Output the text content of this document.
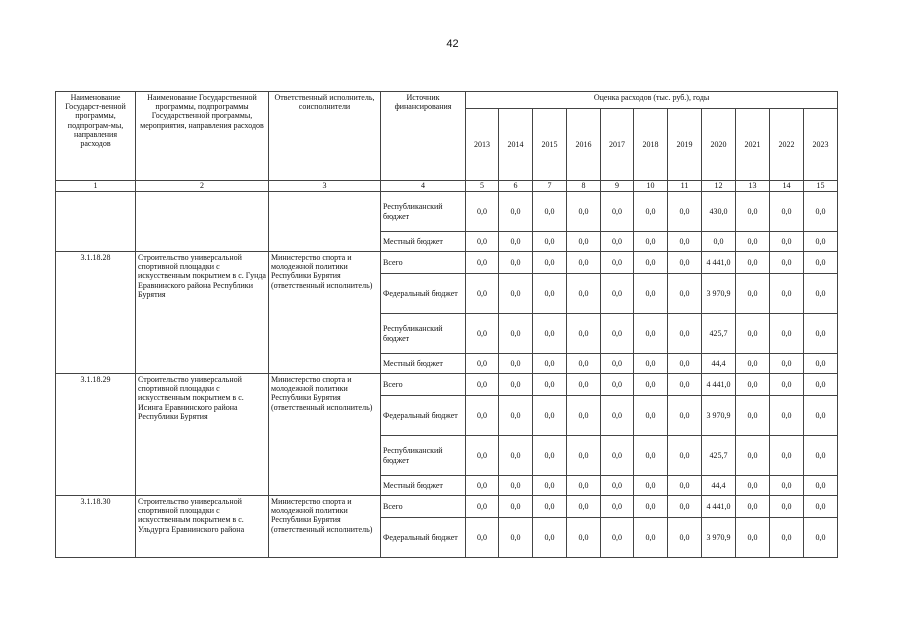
42
Наименование Государст-венной программы, подпрограм-мы, направления расходов	Наименование Государственной программы, подпрограммы Государственной программы, мероприятия, направления расходов	Ответственный исполнитель, соисполнители	Источник финансирования	Оценка расходов (тыс. руб.), годы										
				2013	2014	2015	2016	2017	2018	2019	2020	2021	2022	2023
1	2	3	4	5	6	7	8	9	10	11	12	13	14	15
			Республиканский бюджет	0,0	0,0	0,0	0,0	0,0	0,0	0,0	430,0	0,0	0,0	0,0
			Местный бюджет	0,0	0,0	0,0	0,0	0,0	0,0	0,0	0,0	0,0	0,0	0,0
3.1.18.28	Строительство универсальной спортивной площадки с искусственным покрытием в с. Гунда Еравнинского района Республики Бурятия	Министерство спорта и молодежной политики Республики Бурятия (ответственный исполнитель)	Всего	0,0	0,0	0,0	0,0	0,0	0,0	0,0	4 441,0	0,0	0,0	0,0
			Федеральный бюджет	0,0	0,0	0,0	0,0	0,0	0,0	0,0	3 970,9	0,0	0,0	0,0
			Республиканский бюджет	0,0	0,0	0,0	0,0	0,0	0,0	0,0	425,7	0,0	0,0	0,0
			Местный бюджет	0,0	0,0	0,0	0,0	0,0	0,0	0,0	44,4	0,0	0,0	0,0
3.1.18.29	Строительство универсальной спортивной площадки с искусственным покрытием в с. Исинга Еравнинского района Республики Бурятия	Министерство спорта и молодежной политики Республики Бурятия (ответственный исполнитель)	Всего	0,0	0,0	0,0	0,0	0,0	0,0	0,0	4 441,0	0,0	0,0	0,0
			Федеральный бюджет	0,0	0,0	0,0	0,0	0,0	0,0	0,0	3 970,9	0,0	0,0	0,0
			Республиканский бюджет	0,0	0,0	0,0	0,0	0,0	0,0	0,0	425,7	0,0	0,0	0,0
			Местный бюджет	0,0	0,0	0,0	0,0	0,0	0,0	0,0	44,4	0,0	0,0	0,0
3.1.18.30	Строительство универсальной спортивной площадки с искусственным покрытием в с. Ульдурга Еравнинского района	Министерство спорта и молодежной политики Республики Бурятия (ответственный исполнитель)	Всего	0,0	0,0	0,0	0,0	0,0	0,0	0,0	4 441,0	0,0	0,0	0,0
			Федеральный бюджет	0,0	0,0	0,0	0,0	0,0	0,0	0,0	3 970,9	0,0	0,0	0,0
